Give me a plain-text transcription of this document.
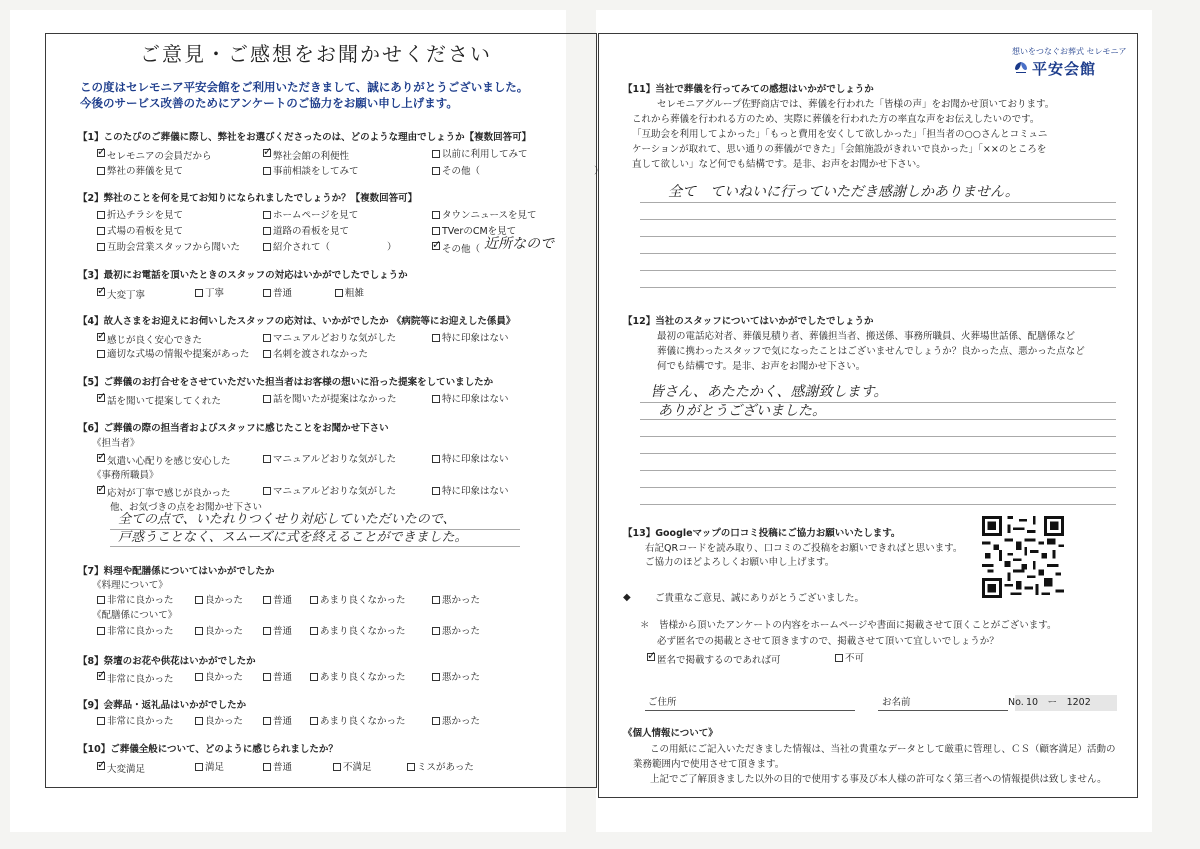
ご意見・ご感想をお聞かせください
この度はセレモニア平安会館をご利用いただきまして、誠にありがとうございました。
今後のサービス改善のためにアンケートのご協力をお願い申し上げます。
【1】このたびのご葬儀に際し、弊社をお選びくださったのは、どのような理由でしょうか【複数回答可】
✓セレモニアの会員だから ✓	弊社会館の利便性	以前に利用してみて
弊社の葬儀を見て	事前相談をしてみて	その他（　　　　　　　　　　　　）
【2】弊社のことを何を見てお知りになられましたでしょうか？【複数回答可】
折込チラシを見て	ホームページを見て	タウンニュースを見て
式場の看板を見て	道路の看板を見て	TVerのCMを見て
互助会営業スタッフから聞いた	紹介されて（　　　　　　） ✓	その他（ 近所なので
【3】最初にお電話を頂いたときのスタッフの対応はいかがでしたでしょうか
✓大変丁寧	丁寧	普通	粗雑
【4】故人さまをお迎えにお伺いしたスタッフの応対は、いかがでしたか 《病院等にお迎えした係員》
✓感じが良く安心できた	マニュアルどおりな気がした	特に印象はない
適切な式場の情報や提案があった	名刺を渡されなかった
【5】ご葬儀のお打合せをさせていただいた担当者はお客様の想いに沿った提案をしていましたか
✓話を聞いて提案してくれた	話を聞いたが提案はなかった	特に印象はない
【6】ご葬儀の際の担当者およびスタッフに感じたことをお聞かせ下さい
《担当者》
✓気遣い心配りを感じ安心した	マニュアルどおりな気がした	特に印象はない
《事務所職員》
✓応対が丁寧で感じが良かった	マニュアルどおりな気がした	特に印象はない
他、お気づきの点をお聞かせ下さい
全ての点で、いたれりつくせり対応していただいたので、
戸惑うことなく、スムーズに式を終えることができました。
【7】料理や配膳係についてはいかがでしたか
《料理について》
非常に良かった	良かった	普通	あまり良くなかった	悪かった
《配膳係について》
非常に良かった	良かった	普通	あまり良くなかった	悪かった
【8】祭壇のお花や供花はいかがでしたか
✓非常に良かった	良かった	普通	あまり良くなかった	悪かった
【9】会葬品・返礼品はいかがでしたか
非常に良かった	良かった	普通	あまり良くなかった	悪かった
【10】ご葬儀全般について、どのように感じられましたか？
✓大変満足	満足	普通	不満足	ミスがあった
想いをつなぐお葬式 セレモニア
平安会館
【11】当社で葬儀を行ってみての感想はいかがでしょうか
セレモニアグループ佐野商店では、葬儀を行われた「皆様の声」をお聞かせ頂いております。
これから葬儀を行われる方のため、実際に葬儀を行われた方の率直な声をお伝えしたいのです。
「互助会を利用してよかった」「もっと費用を安くして欲しかった」「担当者の○○さんとコミュニ
ケーションが取れて、思い通りの葬儀ができた」「会館施設がきれいで良かった」「××のところを
直して欲しい」など何でも結構です。是非、お声をお聞かせ下さい。
全て　ていねいに行っていただき感謝しかありません。
【12】当社のスタッフについてはいかがでしたでしょうか
最初の電話応対者、葬儀見積り者、葬儀担当者、搬送係、事務所職員、火葬場世話係、配膳係など
葬儀に携わったスタッフで気になったことはございませんでしょうか？良かった点、悪かった点など
何でも結構です。是非、お声をお聞かせ下さい。
皆さん、あたたかく、感謝致します。
ありがとうございました。
【13】Googleマップの口コミ投稿にご協力お願いいたします。
右記QRコードを読み取り、口コミのご投稿をお願いできればと思います。
ご協力のほどよろしくお願い申し上げます。
◆	ご貴重なご意見、誠にありがとうございました。
＊　皆様から頂いたアンケートの内容をホームページや書面に掲載させて頂くことがございます。
必ず匿名での掲載とさせて頂きますので、掲載させて頂いて宜しいでしょうか？
✓匿名で掲載するのであれば可	不可
ご住所	お名前	No. 10　ー　1202
《個人情報について》
この用紙にご記入いただきました情報は、当社の貴重なデータとして厳重に管理し、ＣＳ（顧客満足）活動の
業務範囲内で使用させて頂きます。
上記でご了解頂きました以外の目的で使用する事及び本人様の許可なく第三者への情報提供は致しません。
